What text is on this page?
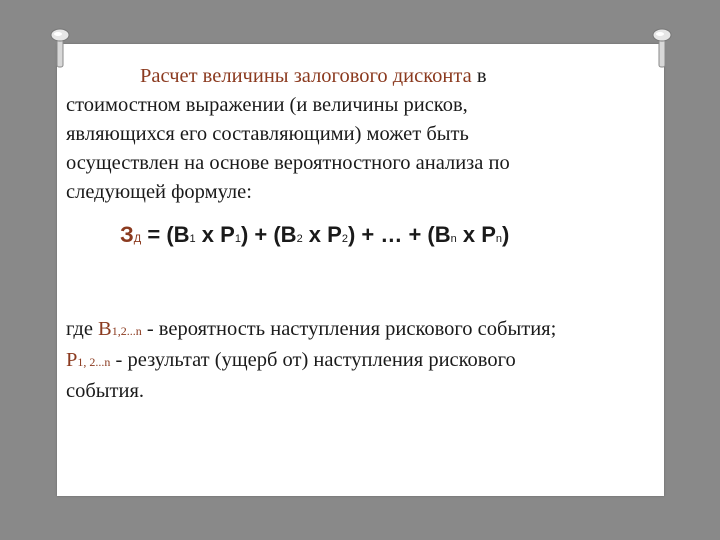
Расчет величины залогового дисконта в
стоимостном выражении (и величины рисков,
являющихся его составляющими) может быть
осуществлен на основе вероятностного анализа по
следующей формуле:

ЗД = (В1 х Р1) + (В2 х Р2) + … + (Вn х Рn)

где В1,2...n - вероятность наступления рискового события;
Р1, 2...n - результат (ущерб от) наступления рискового
события.
